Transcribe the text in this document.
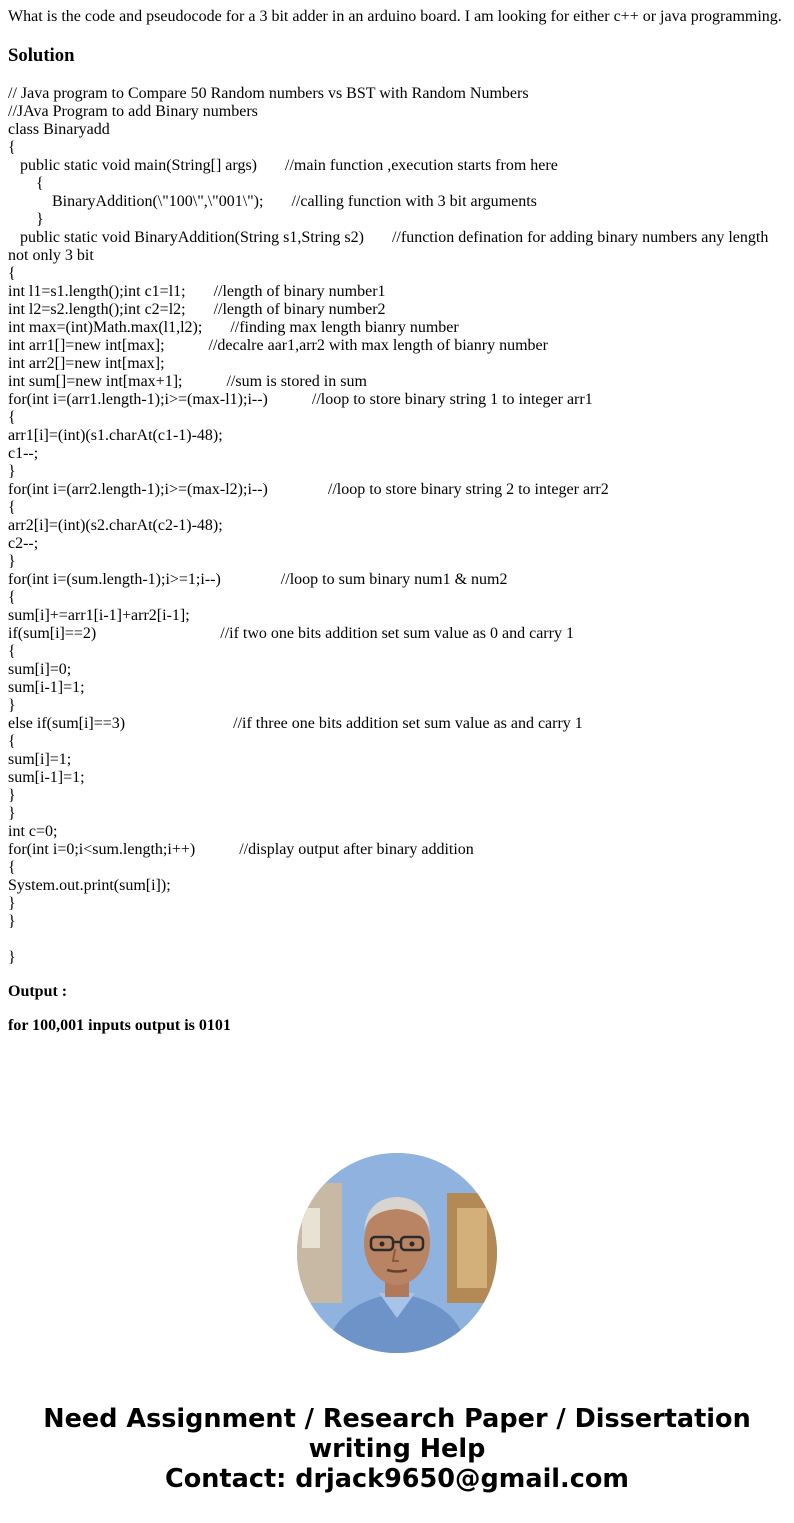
What is the code and pseudocode for a 3 bit adder in an arduino board. I am looking for either c++ or java programming.
Solution
// Java program to Compare 50 Random numbers vs BST with Random Numbers
//JAva Program to add Binary numbers
class Binaryadd
{
public static void main(String[] args)       //main function ,execution starts from here
{
BinaryAddition(\"100\",\"001\");       //calling function with 3 bit arguments
}
public static void BinaryAddition(String s1,String s2)       //function defination for adding binary numbers any length not only 3 bit
{
int l1=s1.length();int c1=l1;       //length of binary number1
int l2=s2.length();int c2=l2;       //length of binary number2
int max=(int)Math.max(l1,l2);       //finding max length bianry number
int arr1[]=new int[max];           //decalre aar1,arr2 with max length of bianry number
int arr2[]=new int[max];
int sum[]=new int[max+1];           //sum is stored in sum
for(int i=(arr1.length-1);i>=(max-l1);i--)           //loop to store binary string 1 to integer arr1
{
arr1[i]=(int)(s1.charAt(c1-1)-48);
c1--;
}
for(int i=(arr2.length-1);i>=(max-l2);i--)               //loop to store binary string 2 to integer arr2
{
arr2[i]=(int)(s2.charAt(c2-1)-48);
c2--;
}
for(int i=(sum.length-1);i>=1;i--)               //loop to sum binary num1 & num2
{
sum[i]+=arr1[i-1]+arr2[i-1];
if(sum[i]==2)                               //if two one bits addition set sum value as 0 and carry 1
{
sum[i]=0;
sum[i-1]=1;
}
else if(sum[i]==3)                           //if three one bits addition set sum value as and carry 1
{
sum[i]=1;
sum[i-1]=1;
}
}
int c=0;
for(int i=0;i<sum.length;i++)           //display output after binary addition
{
System.out.print(sum[i]);
}
}
}
Output :
for 100,001 inputs output is 0101
Need Assignment / Research Paper / Dissertation
writing Help
Contact: drjack9650@gmail.com
